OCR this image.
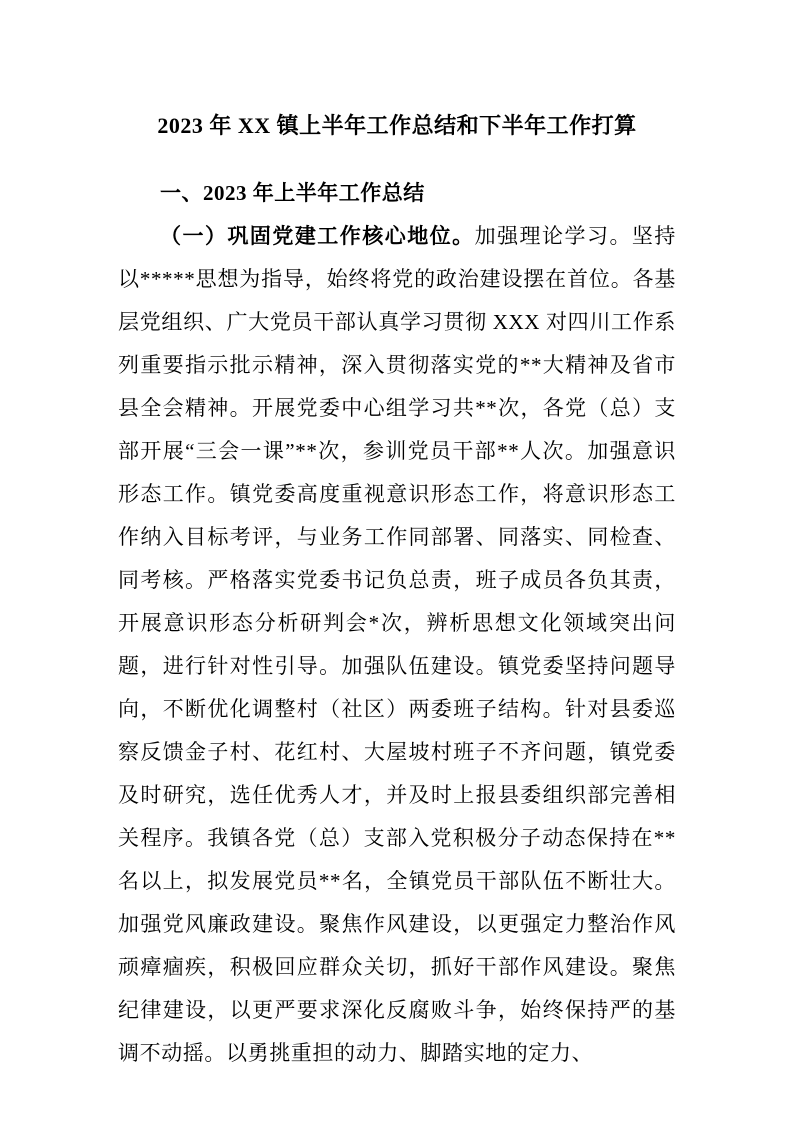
2023 年 XX 镇上半年工作总结和下半年工作打算
一、2023 年上半年工作总结

（一）巩固党建工作核心地位。加强理论学习。坚持以*****思想为指导，始终将党的政治建设摆在首位。各基层党组织、广大党员干部认真学习贯彻 XXX 对四川工作系列重要指示批示精神，深入贯彻落实党的**大精神及省市县全会精神。开展党委中心组学习共**次，各党（总）支部开展“三会一课”**次，参训党员干部**人次。加强意识形态工作。镇党委高度重视意识形态工作，将意识形态工作纳入目标考评，与业务工作同部署、同落实、同检查、同考核。严格落实党委书记负总责，班子成员各负其责，开展意识形态分析研判会*次，辨析思想文化领域突出问题，进行针对性引导。加强队伍建设。镇党委坚持问题导向，不断优化调整村（社区）两委班子结构。针对县委巡察反馈金子村、花红村、大屋坡村班子不齐问题，镇党委及时研究，选任优秀人才，并及时上报县委组织部完善相关程序。我镇各党（总）支部入党积极分子动态保持在**名以上，拟发展党员**名，全镇党员干部队伍不断壮大。加强党风廉政建设。聚焦作风建设，以更强定力整治作风顽瘴痼疾，积极回应群众关切，抓好干部作风建设。聚焦纪律建设，以更严要求深化反腐败斗争，始终保持严的基调不动摇。以勇挑重担的动力、脚踏实地的定力、
